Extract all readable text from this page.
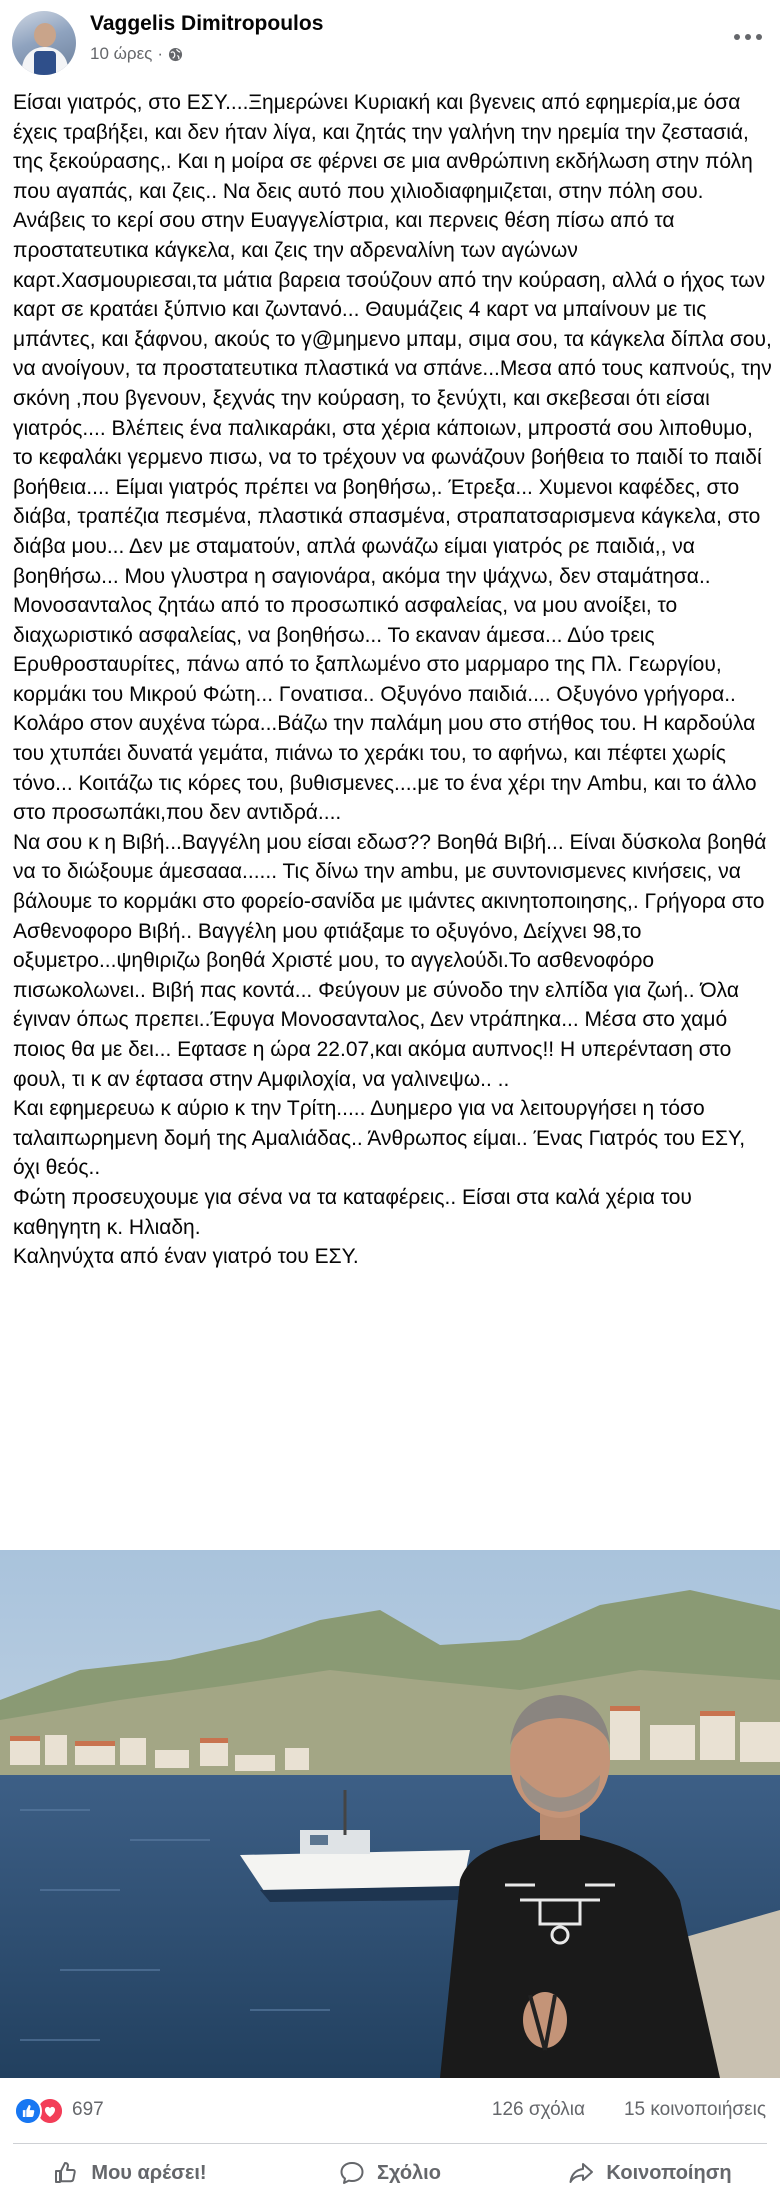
Vaggelis Dimitropoulos
10 ώρες ·

Είσαι γιατρός, στο ΕΣΥ....Ξημερώνει Κυριακή και βγενεις από εφημερία,με όσα έχεις τραβήξει, και δεν ήταν λίγα, και ζητάς την γαλήνη την ηρεμία την ζεστασιά, της ξεκούρασης,. Και η μοίρα σε φέρνει σε μια ανθρώπινη εκδήλωση στην πόλη που αγαπάς, και ζεις.. Να δεις αυτό που χιλιοδιαφημιζεται, στην πόλη σου. Ανάβεις το κερί σου στην Ευαγγελίστρια, και περνεις θέση πίσω από τα προστατευτικα κάγκελα, και ζεις την αδρεναλίνη των αγώνων καρτ.Χασμουριεσαι,τα μάτια βαρεια τσούζουν από την κούραση, αλλά ο ήχος των καρτ σε κρατάει ξύπνιο και ζωντανό... Θαυμάζεις 4 καρτ να μπαίνουν με τις μπάντες, και ξάφνου, ακούς το γ@μημενο μπαμ, σιμα σου, τα κάγκελα δίπλα σου, να ανοίγουν, τα προστατευτικα πλαστικά να σπάνε...Μεσα από τους καπνούς, την σκόνη ,που βγενουν, ξεχνάς την κούραση, το ξενύχτι, και σκεβεσαι ότι είσαι γιατρός.... Βλέπεις ένα παλικαράκι, στα χέρια κάποιων, μπροστά σου λιποθυμο, το κεφαλάκι γερμενο πισω, να το τρέχουν να φωνάζουν βοήθεια το παιδί το παιδί βοήθεια.... Είμαι γιατρός πρέπει να βοηθήσω,. Έτρεξα... Χυμενοι καφέδες, στο διάβα, τραπέζια πεσμένα, πλαστικά σπασμένα, στραπατσαρισμενα κάγκελα, στο διάβα μου... Δεν με σταματούν, απλά φωνάζω είμαι γιατρός ρε παιδιά,, να βοηθήσω... Μου γλυστρα η σαγιονάρα, ακόμα την ψάχνω, δεν σταμάτησα.. Μονοσανταλος ζητάω από το προσωπικό ασφαλείας, να μου ανοίξει, το διαχωριστικό ασφαλείας, να βοηθήσω... Το εκαναν άμεσα... Δύο τρεις Ερυθροσταυρίτες, πάνω από το ξαπλωμένο στο μαρμαρο της Πλ. Γεωργίου, κορμάκι του Μικρού Φώτη... Γονατισα.. Οξυγόνο παιδιά.... Οξυγόνο γρήγορα.. Κολάρο στον αυχένα τώρα...Βάζω την παλάμη μου στο στήθος του. Η καρδούλα του χτυπάει δυνατά γεμάτα, πιάνω το χεράκι του, το αφήνω, και πέφτει χωρίς τόνο... Κοιτάζω τις κόρες του, βυθισμενες....με το ένα χέρι την Ambu, και το άλλο στο προσωπάκι,που δεν αντιδρά....

Να σου κ η Βιβή...Βαγγέλη μου είσαι εδωσ?? Βοηθά Βιβή... Είναι δύσκολα βοηθά να το διώξουμε άμεσααα...... Τις δίνω την ambu, με συντονισμενες κινήσεις, να βάλουμε το κορμάκι στο φορείο-σανίδα με ιμάντες ακινητοποιησης,. Γρήγορα στο Ασθενοφορο Βιβή.. Βαγγέλη μου φτιάξαμε το οξυγόνο, Δείχνει 98,το οξυμετρο...ψηθιριζω βοηθά Χριστέ μου, το αγγελούδι.Το ασθενοφόρο πισωκολωνει.. Βιβή πας κοντά... Φεύγουν με σύνοδο την ελπίδα για ζωή.. Όλα έγιναν όπως πρεπει..Έφυγα Μονοσανταλος, Δεν ντράπηκα... Μέσα στο χαμό ποιος θα με δει... Εφτασε η ώρα 22.07,και ακόμα αυπνος!! Η υπερένταση στο φουλ, τι κ αν έφτασα στην Αμφιλοχία, να γαλινεψω.. ..

Και εφημερευω κ αύριο κ την Τρίτη..... Δυημερο για να λειτουργήσει η τόσο ταλαιπωρημενη δομή της Αμαλιάδας.. Άνθρωπος είμαι.. Ένας Γιατρός του ΕΣΥ, όχι θεός..

Φώτη προσευχουμε για σένα να τα καταφέρεις.. Είσαι στα καλά χέρια του καθηγητη κ. Ηλιαδη.

Καληνύχτα από έναν γιατρό του ΕΣΥ.

697	126 σχόλια 15 κοινοποιήσεις
Μου αρέσει!	Σχόλιο	Κοινοποίηση
